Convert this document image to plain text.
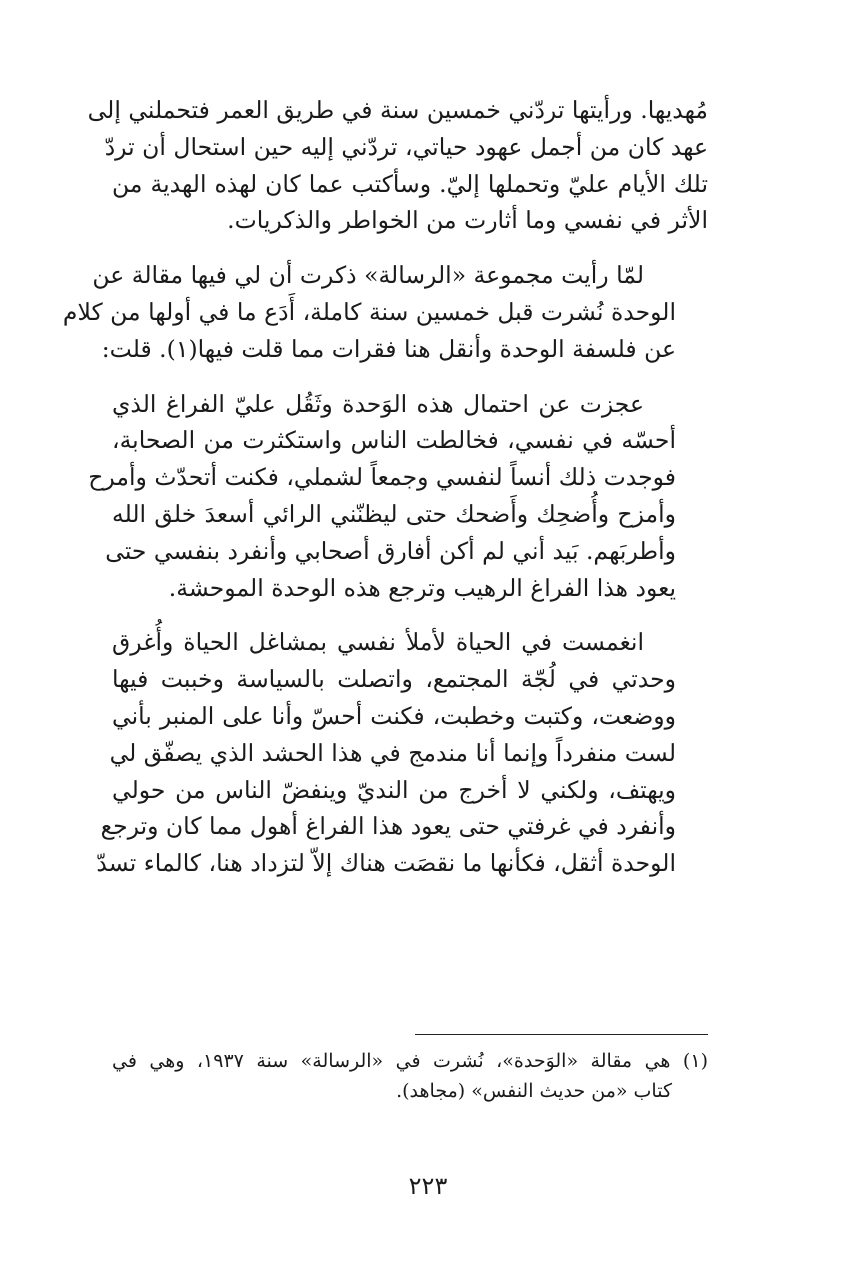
مُهديها. ورأيتها تردّني خمسين سنة في طريق العمر فتحملني إلى
عهد كان من أجمل عهود حياتي، تردّني إليه حين استحال أن تردّ
تلك الأيام عليّ وتحملها إليّ. وسأكتب عما كان لهذه الهدية من
الأثر في نفسي وما أثارت من الخواطر والذكريات.
لمّا رأيت مجموعة «الرسالة» ذكرت أن لي فيها مقالة عن
الوحدة نُشرت قبل خمسين سنة كاملة، أَدَع ما في أولها من كلام
عن فلسفة الوحدة وأنقل هنا فقرات مما قلت فيها(١). قلت:
عجزت عن احتمال هذه الوَحدة وثَقُل عليّ الفراغ الذي
أحسّه في نفسي، فخالطت الناس واستكثرت من الصحابة،
فوجدت ذلك أنساً لنفسي وجمعاً لشملي، فكنت أتحدّث وأمرح
وأمزح وأُضحِك وأَضحك حتى ليظنّني الرائي أسعدَ خلق الله
وأطربَهم. بَيد أني لم أكن أفارق أصحابي وأنفرد بنفسي حتى
يعود هذا الفراغ الرهيب وترجع هذه الوحدة الموحشة.
انغمست في الحياة لأملأ نفسي بمشاغل الحياة وأُغرق
وحدتي في لُجّة المجتمع، واتصلت بالسياسة وخببت فيها
ووضعت، وكتبت وخطبت، فكنت أحسّ وأنا على المنبر بأني
لست منفرداً وإنما أنا مندمج في هذا الحشد الذي يصفّق لي
ويهتف، ولكني لا أخرج من النديّ وينفضّ الناس من حولي
وأنفرد في غرفتي حتى يعود هذا الفراغ أهول مما كان وترجع
الوحدة أثقل، فكأنها ما نقصَت هناك إلاّ لتزداد هنا، كالماء تسدّ
(١) هي مقالة «الوَحدة»، نُشرت في «الرسالة» سنة ١٩٣٧، وهي في
كتاب «من حديث النفس» (مجاهد).
٢٢٣
